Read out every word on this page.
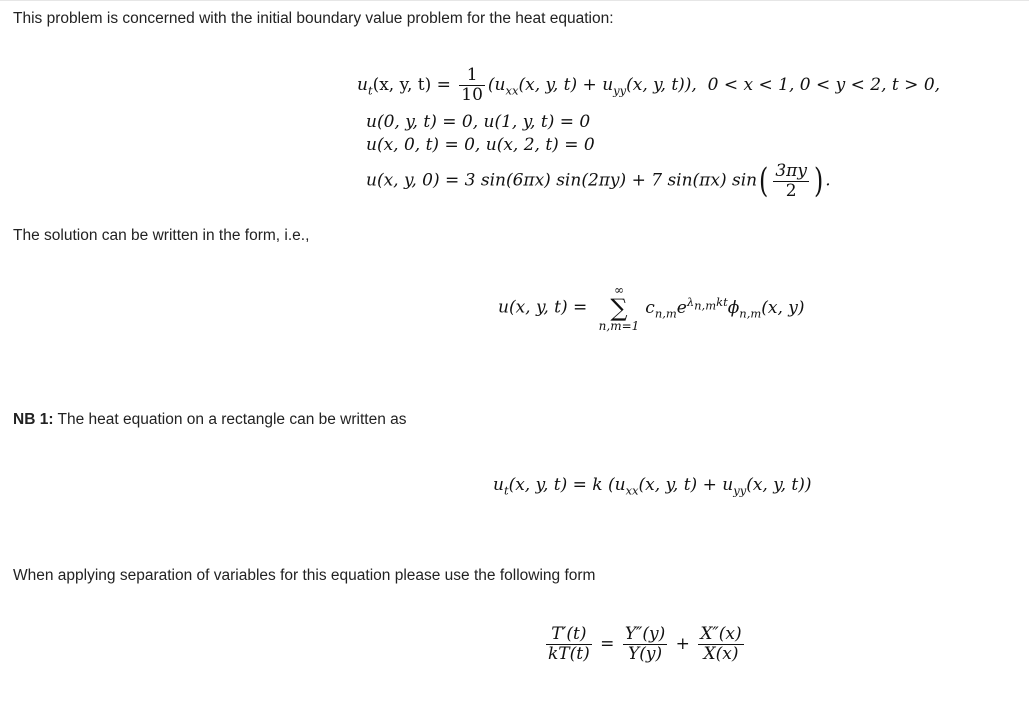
This problem is concerned with the initial boundary value problem for the heat equation:
$u_t(x$, y, $t) = \frac{1}{10} (u_{xx}(x$, y, $t) + u_{yy}(x$, y, t)), 0 < x < 1, 0 < y < 2, t > 0,
u(0, y, t) = 0, u(1, y, t) = 0
u(x, 0, t) = 0, u(x, 2, t) = 0
u(x, y, 0) = 3 sin(6πx) sin(2πy) + 7 sin(πx) $\sin( \frac{3\pi y}{2}$ ) .
The solution can be written in the form, i.e.,
u(x, y, t) =
∞
∑
n,m=1
$c_{n,m}e^{\lambda_{n,m}kt}\phi_{n,m}(x$, y)
NB 1: The heat equation on a rectangle can be written as
$u_t(x$, y, t) = k ($u_{xx}(x$, y, $t) + u_{yy}(x$, y, t))
When applying separation of variables for this equation please use the following form
$\frac{T'(t)}{kT(t)} = \frac{Y''(y)}{Y(y)} + \frac{X''(x)}{X(x)}$
